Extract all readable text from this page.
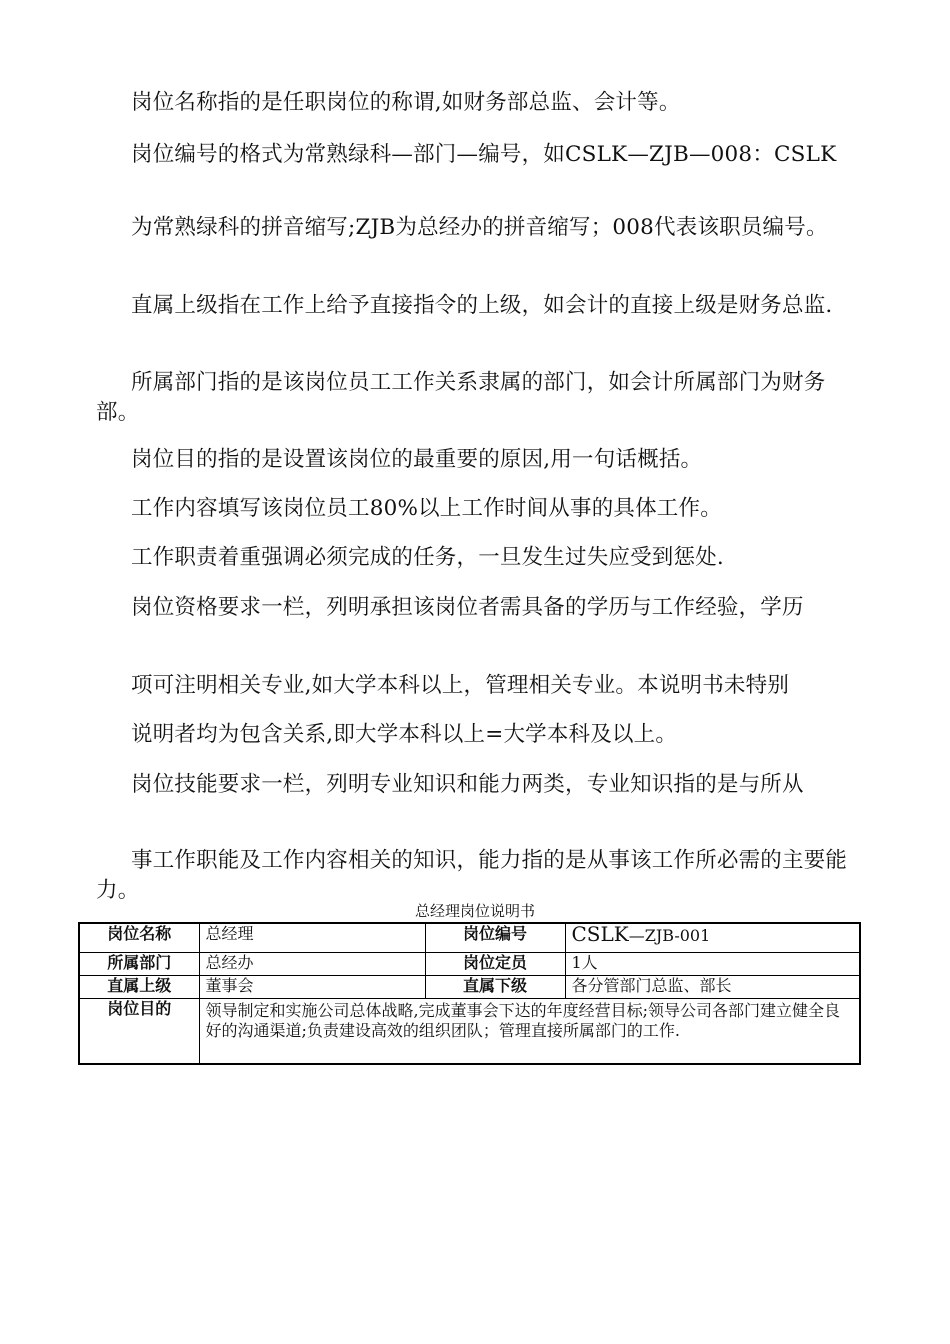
岗位名称指的是任职岗位的称谓,如财务部总监、会计等。

岗位编号的格式为常熟绿科—部门—编号，如CSLK—ZJB—008：CSLK

为常熟绿科的拼音缩写;ZJB为总经办的拼音缩写；008代表该职员编号。

直属上级指在工作上给予直接指令的上级，如会计的直接上级是财务总监.

所属部门指的是该岗位员工工作关系隶属的部门，如会计所属部门为财务部。

岗位目的指的是设置该岗位的最重要的原因,用一句话概括。

工作内容填写该岗位员工80%以上工作时间从事的具体工作。

工作职责着重强调必须完成的任务，一旦发生过失应受到惩处.

岗位资格要求一栏，列明承担该岗位者需具备的学历与工作经验，学历

项可注明相关专业,如大学本科以上，管理相关专业。本说明书未特别

说明者均为包含关系,即大学本科以上=大学本科及以上。

岗位技能要求一栏，列明专业知识和能力两类，专业知识指的是与所从

事工作职能及工作内容相关的知识，能力指的是从事该工作所必需的主要能力。

总经理岗位说明书
岗位名称	总经理	岗位编号	CSLK—ZJB-001
所属部门	总经办	岗位定员	1人
直属上级	董事会	直属下级	各分管部门总监、部长
岗位目的	领导制定和实施公司总体战略,完成董事会下达的年度经营目标;领导公司各部门建立健全良好的沟通渠道;负责建设高效的组织团队；管理直接所属部门的工作.		
